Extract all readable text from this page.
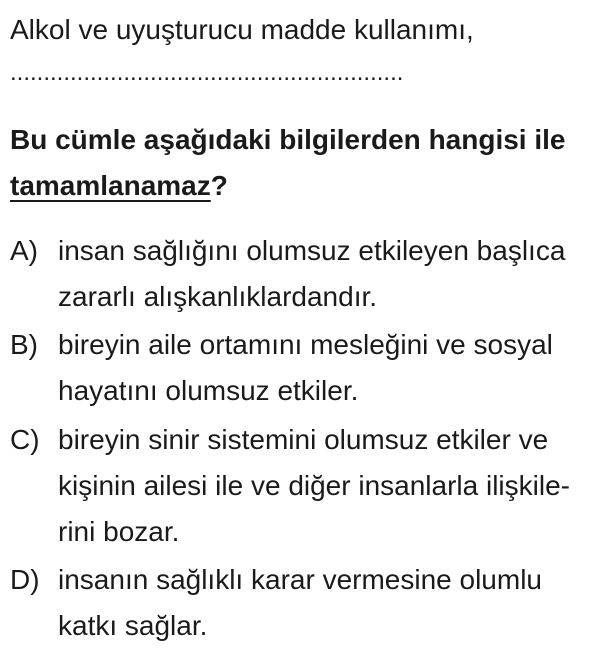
Alkol ve uyuşturucu madde kullanımı,
...........................................................
Bu cümle aşağıdaki bilgilerden hangisi ile
tamamlanamaz?
A) insan sağlığını olumsuz etkileyen başlıca
zararlı alışkanlıklardandır.
B) bireyin aile ortamını mesleğini ve sosyal
hayatını olumsuz etkiler.
C) bireyin sinir sistemini olumsuz etkiler ve
kişinin ailesi ile ve diğer insanlarla ilişkile-
rini bozar.
D) insanın sağlıklı karar vermesine olumlu
katkı sağlar.
